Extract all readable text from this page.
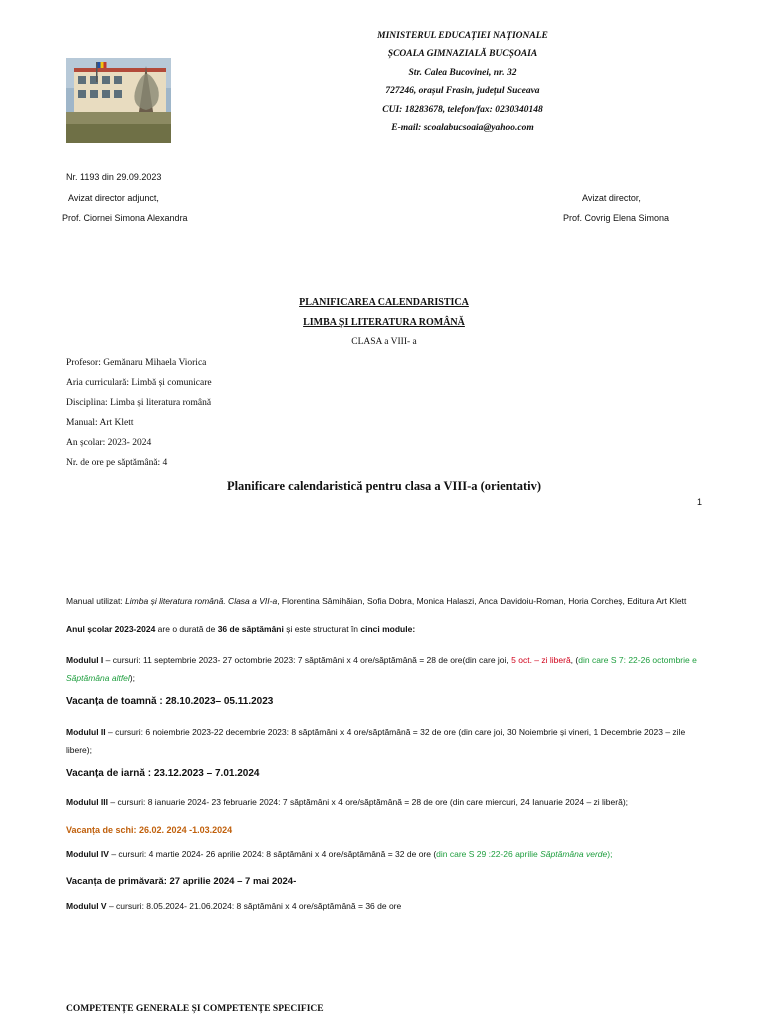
MINISTERUL EDUCAȚIEI NAȚIONALE
ȘCOALA GIMNAZIALĂ BUCȘOAIA
Str. Calea Bucovinei, nr. 32
727246, orașul Frasin, județul Suceava
CUI: 18283678, telefon/fax: 0230340148
E-mail: scoalabucsoaia@yahoo.com
Nr. 1193 din 29.09.2023
Avizat director adjunct,
Prof. Ciornei Simona Alexandra
Avizat director,
Prof. Covrig Elena Simona
PLANIFICAREA CALENDARISTICA
LIMBA ȘI LITERATURA ROMÂNĂ
CLASA a VIII- a
Profesor: Gemănaru Mihaela Viorica
Aria curriculară: Limbă și comunicare
Disciplina: Limba și literatura română
Manual: Art Klett
An școlar: 2023- 2024
Nr. de ore pe săptămână: 4
Planificare calendaristică pentru clasa a VIII-a (orientativ)
1
Manual utilizat: Limba și literatura română. Clasa a VII-a, Florentina Sâmihăian, Sofia Dobra, Monica Halaszi, Anca Davidoiu-Roman, Horia Corcheș, Editura Art Klett
Anul școlar 2023-2024 are o durată de 36 de săptămâni și este structurat în cinci module:
Modulul I – cursuri: 11 septembrie 2023- 27 octombrie 2023: 7 săptămâni x 4 ore/săptămână = 28 de ore(din care joi, 5 oct. – zi liberă, (din care S 7: 22-26 octombrie e Săptămâna altfel);
Vacanța de toamnă : 28.10.2023– 05.11.2023
Modulul II – cursuri: 6 noiembrie 2023-22 decembrie 2023: 8 săptămâni x 4 ore/săptămână = 32 de ore (din care joi, 30 Noiembrie și vineri, 1 Decembrie 2023 – zile libere);
Vacanța de iarnă : 23.12.2023 – 7.01.2024
Modulul III – cursuri: 8 ianuarie 2024- 23 februarie 2024: 7 săptămâni x 4 ore/săptămână = 28 de ore (din care miercuri, 24 Ianuarie 2024 – zi liberă);
Vacanța de schi: 26.02. 2024 -1.03.2024
Modulul IV – cursuri: 4 martie 2024- 26 aprilie 2024: 8 săptămâni x 4 ore/săptămână = 32 de ore (din care S 29 :22-26 aprilie Săptămâna verde);
Vacanța de primăvară: 27 aprilie 2024 – 7 mai 2024-
Modulul V – cursuri: 8.05.2024- 21.06.2024: 8 săptămâni x 4 ore/săptămână = 36 de ore
COMPETENȚE GENERALE ȘI COMPETENȚE SPECIFICE
